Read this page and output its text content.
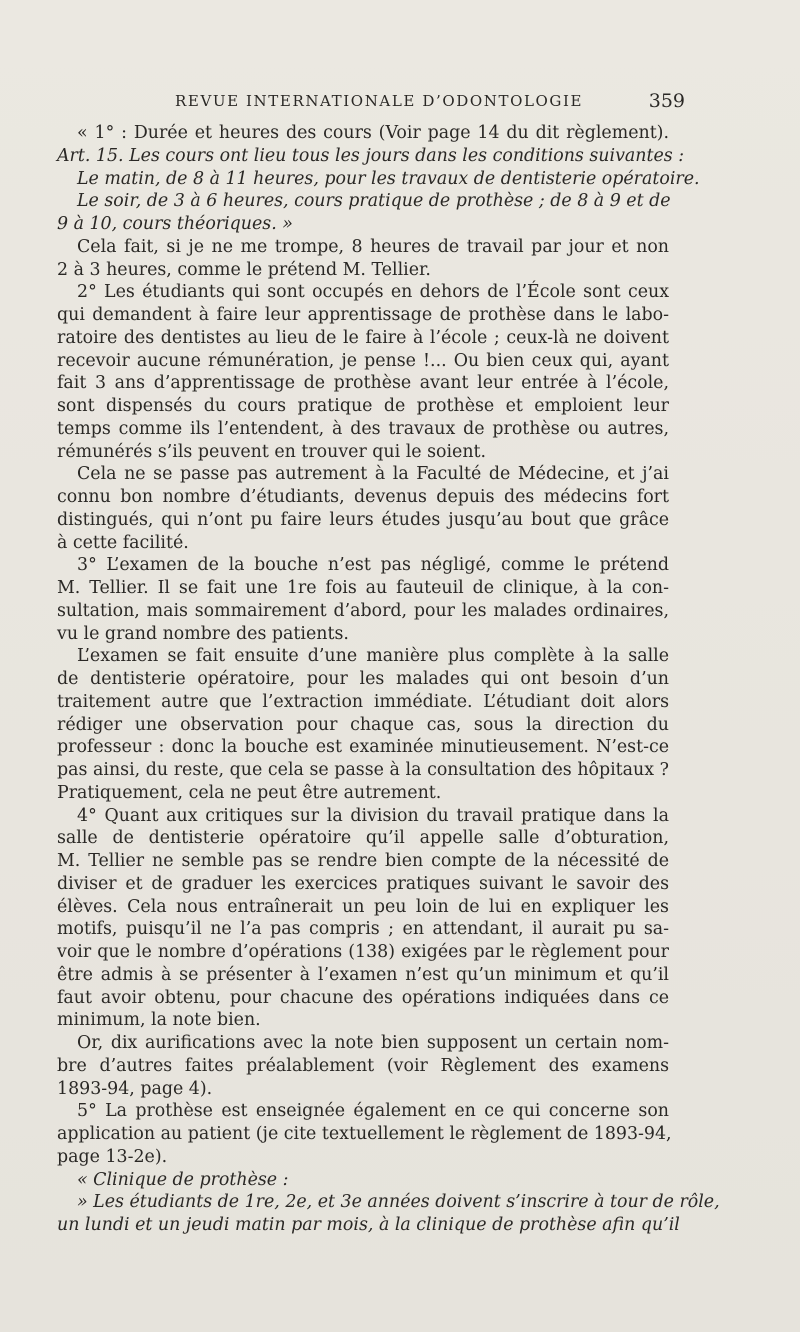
REVUE INTERNATIONALE D’ODONTOLOGIE	359
« 1° : Durée et heures des cours (Voir page 14 du dit règlement).
Art. 15. Les cours ont lieu tous les jours dans les conditions suivantes :
Le matin, de 8 à 11 heures, pour les travaux de dentisterie opératoire.
Le soir, de 3 à 6 heures, cours pratique de prothèse ; de 8 à 9 et de
9 à 10, cours théoriques. »
Cela fait, si je ne me trompe, 8 heures de travail par jour et non
2 à 3 heures, comme le prétend M. Tellier.
2° Les étudiants qui sont occupés en dehors de l’École sont ceux
qui demandent à faire leur apprentissage de prothèse dans le labo-
ratoire des dentistes au lieu de le faire à l’école ; ceux-là ne doivent
recevoir aucune rémunération, je pense !... Ou bien ceux qui, ayant
fait 3 ans d’apprentissage de prothèse avant leur entrée à l’école,
sont dispensés du cours pratique de prothèse et emploient leur
temps comme ils l’entendent, à des travaux de prothèse ou autres,
rémunérés s’ils peuvent en trouver qui le soient.
Cela ne se passe pas autrement à la Faculté de Médecine, et j’ai
connu bon nombre d’étudiants, devenus depuis des médecins fort
distingués, qui n’ont pu faire leurs études jusqu’au bout que grâce
à cette facilité.
3° L’examen de la bouche n’est pas négligé, comme le prétend
M. Tellier. Il se fait une 1re fois au fauteuil de clinique, à la con-
sultation, mais sommairement d’abord, pour les malades ordinaires,
vu le grand nombre des patients.
L’examen se fait ensuite d’une manière plus complète à la salle
de dentisterie opératoire, pour les malades qui ont besoin d’un
traitement autre que l’extraction immédiate. L’étudiant doit alors
rédiger une observation pour chaque cas, sous la direction du
professeur : donc la bouche est examinée minutieusement. N’est-ce
pas ainsi, du reste, que cela se passe à la consultation des hôpitaux ?
Pratiquement, cela ne peut être autrement.
4° Quant aux critiques sur la division du travail pratique dans la
salle de dentisterie opératoire qu’il appelle salle d’obturation,
M. Tellier ne semble pas se rendre bien compte de la nécessité de
diviser et de graduer les exercices pratiques suivant le savoir des
élèves. Cela nous entraînerait un peu loin de lui en expliquer les
motifs, puisqu’il ne l’a pas compris ; en attendant, il aurait pu sa-
voir que le nombre d’opérations (138) exigées par le règlement pour
être admis à se présenter à l’examen n’est qu’un minimum et qu’il
faut avoir obtenu, pour chacune des opérations indiquées dans ce
minimum, la note bien.
Or, dix aurifications avec la note bien supposent un certain nom-
bre d’autres faites préalablement (voir Règlement des examens
1893-94, page 4).
5° La prothèse est enseignée également en ce qui concerne son
application au patient (je cite textuellement le règlement de 1893-94,
page 13-2e).
« Clinique de prothèse :
» Les étudiants de 1re, 2e, et 3e années doivent s’inscrire à tour de rôle,
un lundi et un jeudi matin par mois, à la clinique de prothèse afin qu’il
